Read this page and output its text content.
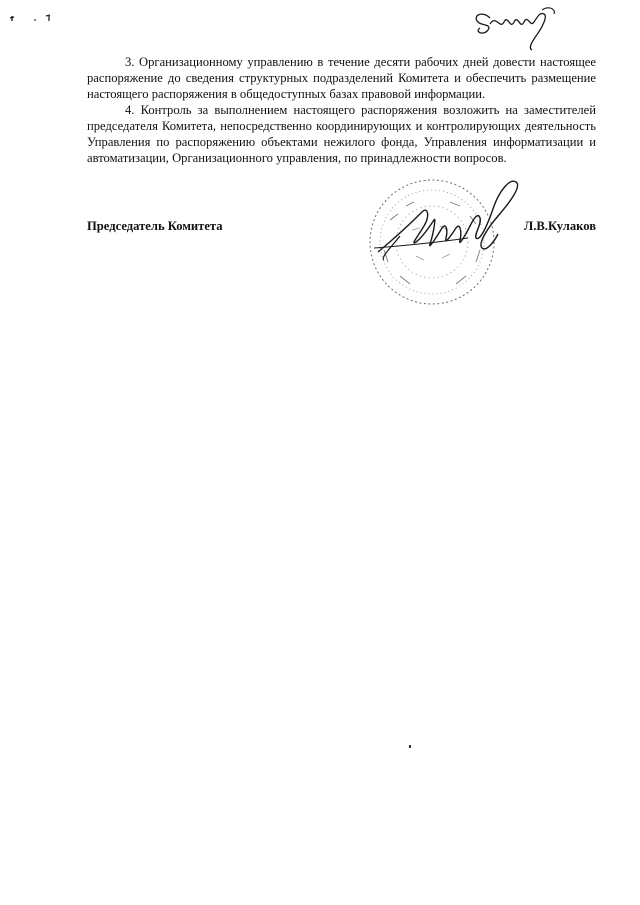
3. Организационному управлению в течение десяти рабочих дней довести настоящее распоряжение до сведения структурных подразделений Комитета и обеспечить размещение настоящего распоряжения в общедоступных базах правовой информации.

4. Контроль за выполнением настоящего распоряжения возложить на заместителей председателя Комитета, непосредственно координирующих и контролирующих деятельность Управления по распоряжению объектами нежилого фонда, Управления информатизации и автоматизации, Организационного управления, по принадлежности вопросов.

Председатель Комитета	Л.В.Кулаков
